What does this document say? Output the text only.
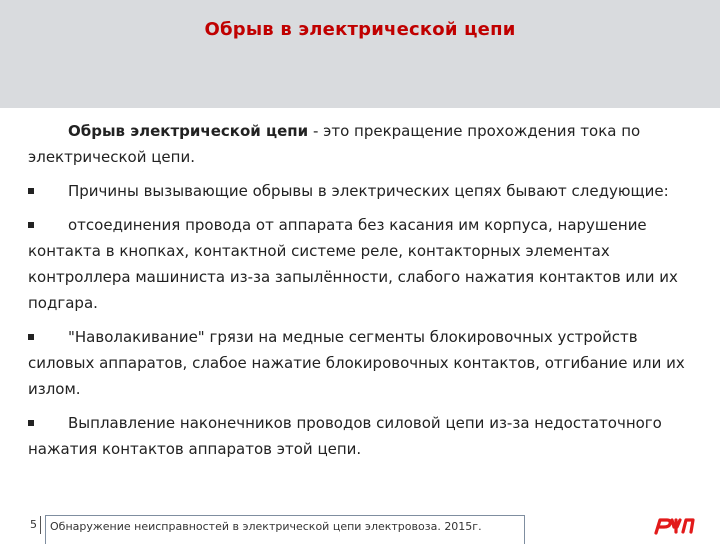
Обрыв в электрической цепи

Обрыв электрической цепи - это прекращение прохождения тока по электрической цепи.

Причины вызывающие обрывы в электрических цепях бывают следующие:

отсоединения провода от аппарата без касания им корпуса, нарушение контакта в кнопках, контактной системе реле, контакторных элементах контроллера машиниста из-за запылённости, слабого нажатия контактов или их подгара.

"Наволакивание" грязи на медные сегменты блокировочных устройств силовых аппаратов, слабое нажатие блокировочных контактов, отгибание или их излом.

Выплавление наконечников проводов силовой цепи из-за недостаточного нажатия контактов аппаратов этой цепи.

5 Обнаружение неисправностей в электрической цепи электровоза. 2015г.
